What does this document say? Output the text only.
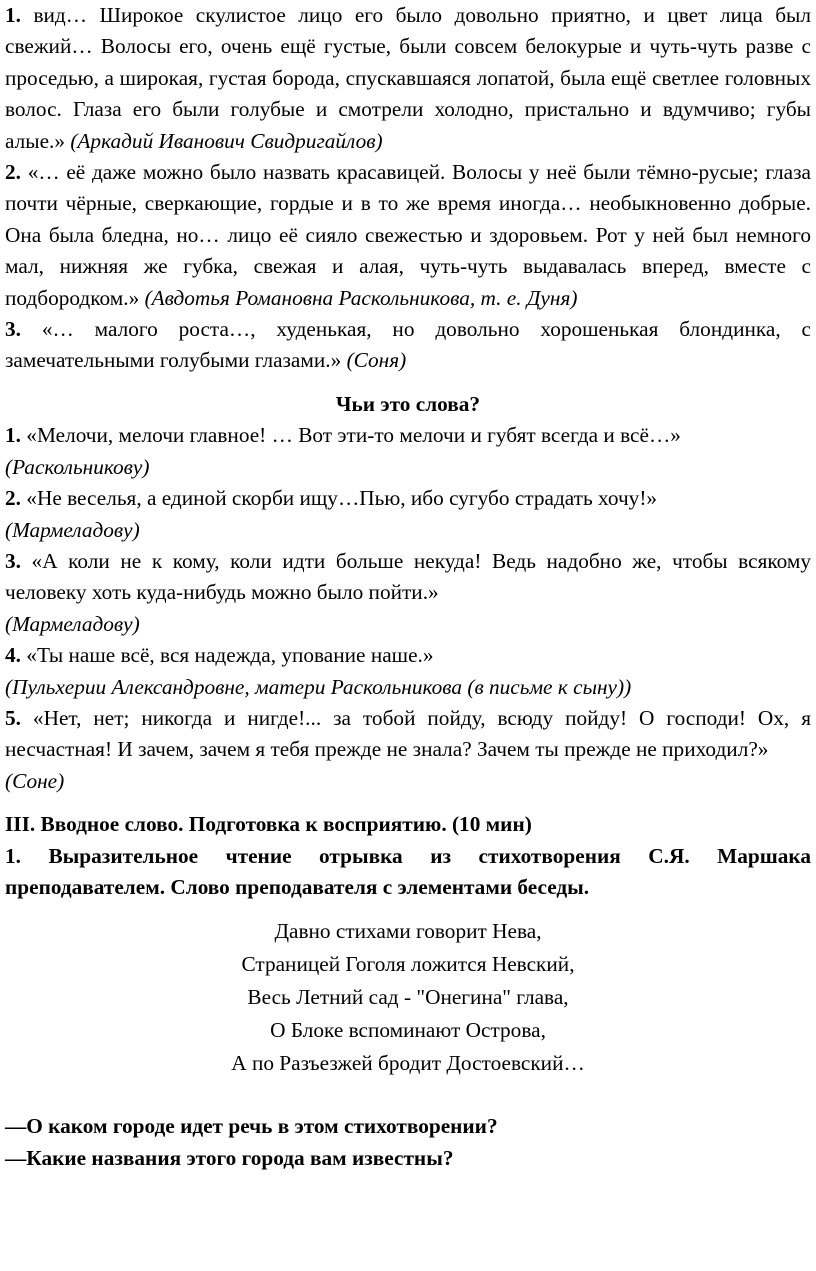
1. вид… Широкое скулистое лицо его было довольно приятно, и цвет лица был свежий… Волосы его, очень ещё густые, были совсем белокурые и чуть-чуть разве с проседью, а широкая, густая борода, спускавшаяся лопатой, была ещё светлее головных волос. Глаза его были голубые и смотрели холодно, пристально и вдумчиво; губы алые.» (Аркадий Иванович Свидригайлов)

2. «… её даже можно было назвать красавицей. Волосы у неё были тёмно-русые; глаза почти чёрные, сверкающие, гордые и в то же время иногда… необыкновенно добрые. Она была бледна, но… лицо её сияло свежестью и здоровьем. Рот у ней был немного мал, нижняя же губка, свежая и алая, чуть-чуть выдавалась вперед, вместе с подбородком.» (Авдотья Романовна Раскольникова, т. е. Дуня)

3. «… малого роста…, худенькая, но довольно хорошенькая блондинка, с замечательными голубыми глазами.» (Соня)

Чьи это слова?

1. «Мелочи, мелочи главное! … Вот эти-то мелочи и губят всегда и всё…»

(Раскольникову)

2. «Не веселья, а единой скорби ищу…Пью, ибо сугубо страдать хочу!»

(Мармеладову)

3. «А коли не к кому, коли идти больше некуда! Ведь надобно же, чтобы всякому человеку хоть куда-нибудь можно было пойти.»

(Мармеладову)

4. «Ты наше всё, вся надежда, упование наше.»

(Пульхерии Александровне, матери Раскольникова (в письме к сыну))

5. «Нет, нет; никогда и нигде!... за тобой пойду, всюду пойду! О господи! Ох, я несчастная! И зачем, зачем я тебя прежде не знала? Зачем ты прежде не приходил?»

(Соне)

III. Вводное слово. Подготовка к восприятию. (10 мин)

1. Выразительное чтение отрывка из стихотворения С.Я. Маршака преподавателем. Слово преподавателя с элементами беседы.

Давно стихами говорит Нева,

Страницей Гоголя ложится Невский,

Весь Летний сад - "Онегина" глава,

О Блоке вспоминают Острова,

А по Разъезжей бродит Достоевский…

—О каком городе идет речь в этом стихотворении?

—Какие названия этого города вам известны?
